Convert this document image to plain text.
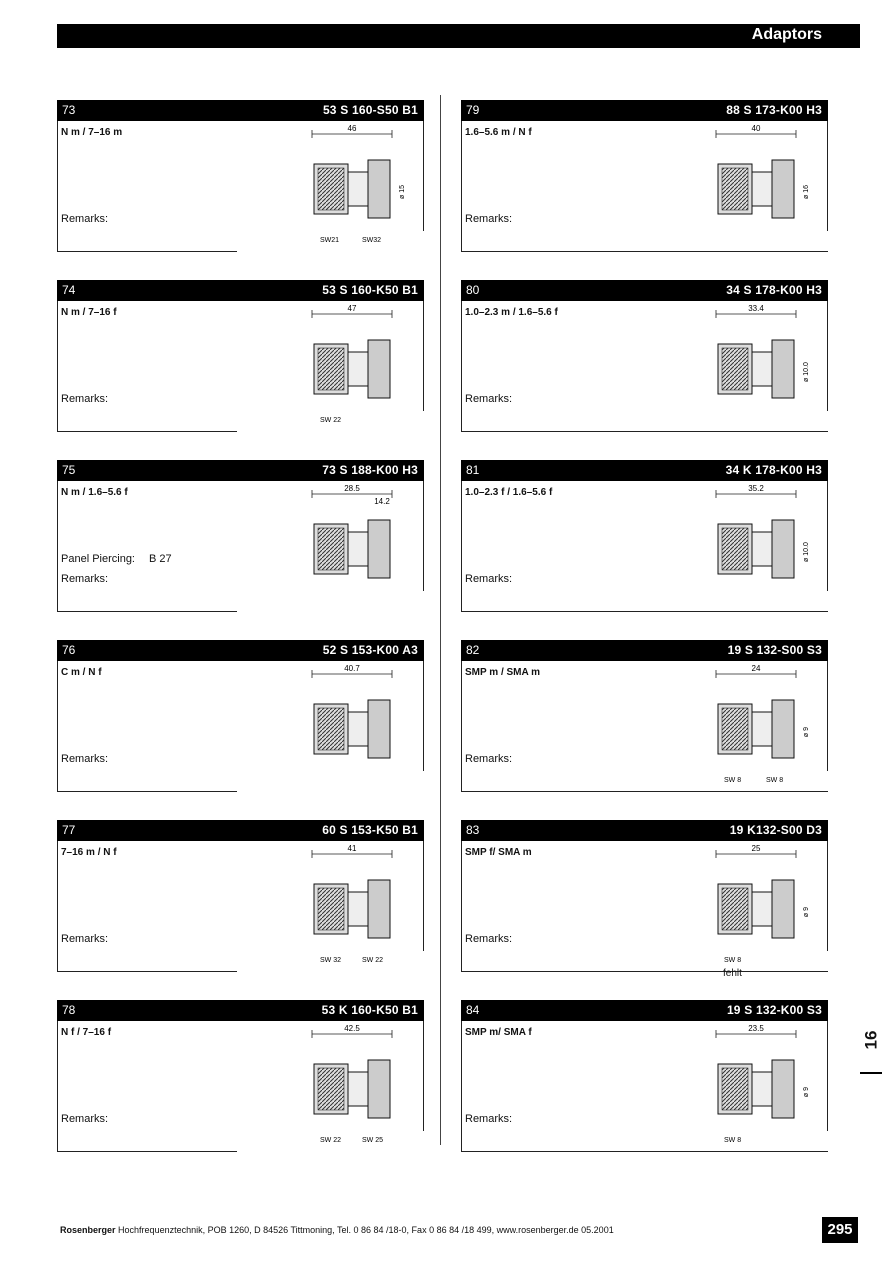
Adaptors
73	53 S 160-S50 B1
N m / 7–16 m
Remarks:
46
ø 15
SW21	SW32
79	88 S 173-K00 H3
1.6–5.6 m / N f
Remarks:
40
ø 16
74	53 S 160-K50 B1
N m / 7–16 f
Remarks:
47
SW 22
80	34 S 178-K00 H3
1.0–2.3 m / 1.6–5.6 f
Remarks:
33.4
ø 10.0
75	73 S 188-K00 H3
N m / 1.6–5.6 f
Panel Piercing: B 27
Remarks:
28.5
14.2
81	34 K 178-K00 H3
1.0–2.3 f / 1.6–5.6 f
Remarks:
35.2
ø 10.0
76	52 S 153-K00 A3
C m / N f
Remarks:
40.7
82	19 S 132-S00 S3
SMP m / SMA m
Remarks:
24
ø 9
SW 8	SW 8
77	60 S 153-K50 B1
7–16 m / N f
Remarks:
41
SW 32	SW 22
83	19 K132-S00 D3
SMP f/ SMA m
Remarks:
25
ø 9
SW 8
fehlt
78	53 K 160-K50 B1
N f / 7–16 f
Remarks:
42.5
SW 22	SW 25
84	19 S 132-K00 S3
SMP m/ SMA f
Remarks:
23.5
ø 9
SW 8
16
Rosenberger Hochfrequenztechnik, POB 1260, D 84526 Tittmoning, Tel. 0 86 84 /18-0, Fax 0 86 84 /18 499, www.rosenberger.de 05.2001	295
